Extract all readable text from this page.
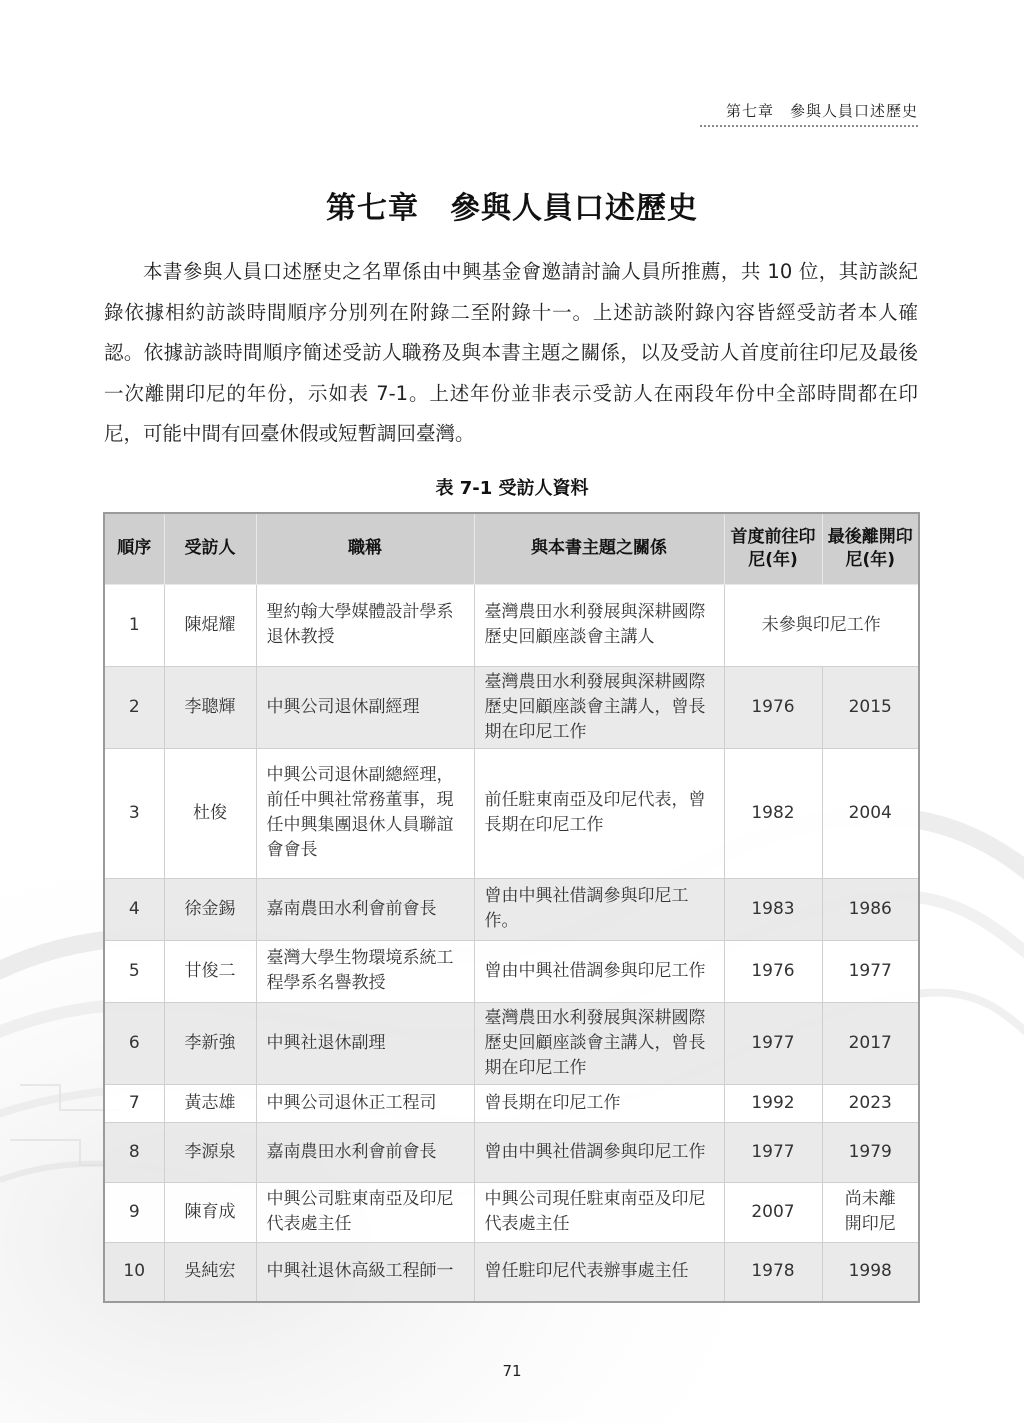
第七章　參與人員口述歷史
第七章　參與人員口述歷史

本書參與人員口述歷史之名單係由中興基金會邀請討論人員所推薦，共 10 位，其訪談紀錄依據相約訪談時間順序分別列在附錄二至附錄十一。上述訪談附錄內容皆經受訪者本人確認。依據訪談時間順序簡述受訪人職務及與本書主題之關係，以及受訪人首度前往印尼及最後一次離開印尼的年份，示如表 7-1。上述年份並非表示受訪人在兩段年份中全部時間都在印尼，可能中間有回臺休假或短暫調回臺灣。

表 7-1 受訪人資料
順序	受訪人	職稱	與本書主題之關係	首度前往印尼(年)	最後離開印尼(年)
1	陳焜耀	聖約翰大學媒體設計學系退休教授	臺灣農田水利發展與深耕國際歷史回顧座談會主講人	未參與印尼工作	
2	李聰輝	中興公司退休副經理	臺灣農田水利發展與深耕國際歷史回顧座談會主講人，曾長期在印尼工作	1976	2015
3	杜俊	中興公司退休副總經理，前任中興社常務董事，現任中興集團退休人員聯誼會會長	前任駐東南亞及印尼代表，曾長期在印尼工作	1982	2004
4	徐金錫	嘉南農田水利會前會長	曾由中興社借調參與印尼工作。	1983	1986
5	甘俊二	臺灣大學生物環境系統工程學系名譽教授	曾由中興社借調參與印尼工作	1976	1977
6	李新強	中興社退休副理	臺灣農田水利發展與深耕國際歷史回顧座談會主講人，曾長期在印尼工作	1977	2017
7	黃志雄	中興公司退休正工程司	曾長期在印尼工作	1992	2023
8	李源泉	嘉南農田水利會前會長	曾由中興社借調參與印尼工作	1977	1979
9	陳育成	中興公司駐東南亞及印尼代表處主任	中興公司現任駐東南亞及印尼代表處主任	2007	尚未離開印尼
10	吳純宏	中興社退休高級工程師一	曾任駐印尼代表辦事處主任	1978	1998
71
